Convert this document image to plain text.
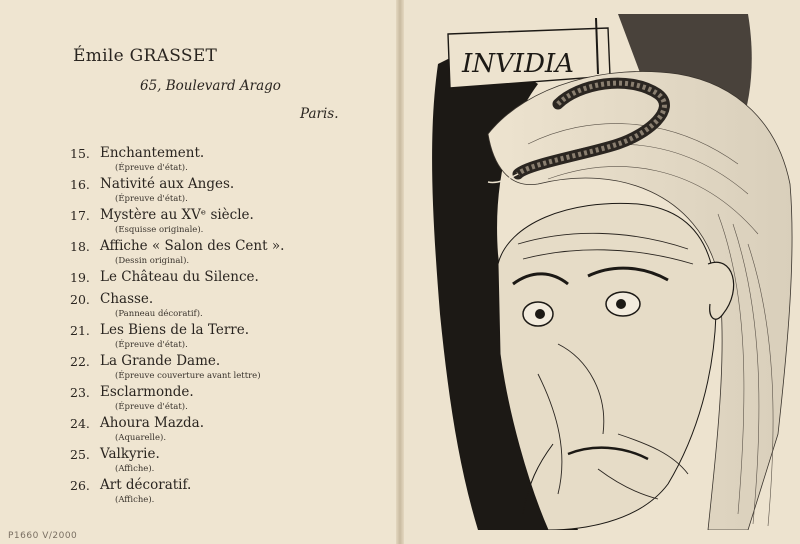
Émile GRASSET
65, Boulevard Arago
Paris.
15. Enchantement.
(Épreuve d'état).
16. Nativité aux Anges.
(Épreuve d'état).
17. Mystère au XVᵉ siècle.
(Esquisse originale).
18. Affiche « Salon des Cent ».
(Dessin original).
19. Le Château du Silence.
20. Chasse.
(Panneau décoratif).
21. Les Biens de la Terre.
(Épreuve d'état).
22. La Grande Dame.
(Épreuve couverture avant lettre)
23. Esclarmonde.
(Épreuve d'état).
24. Ahoura Mazda.
(Aquarelle).
25. Valkyrie.
(Affiche).
26. Art décoratif.
(Affiche).
P1660 V/2000
INVIDIA
